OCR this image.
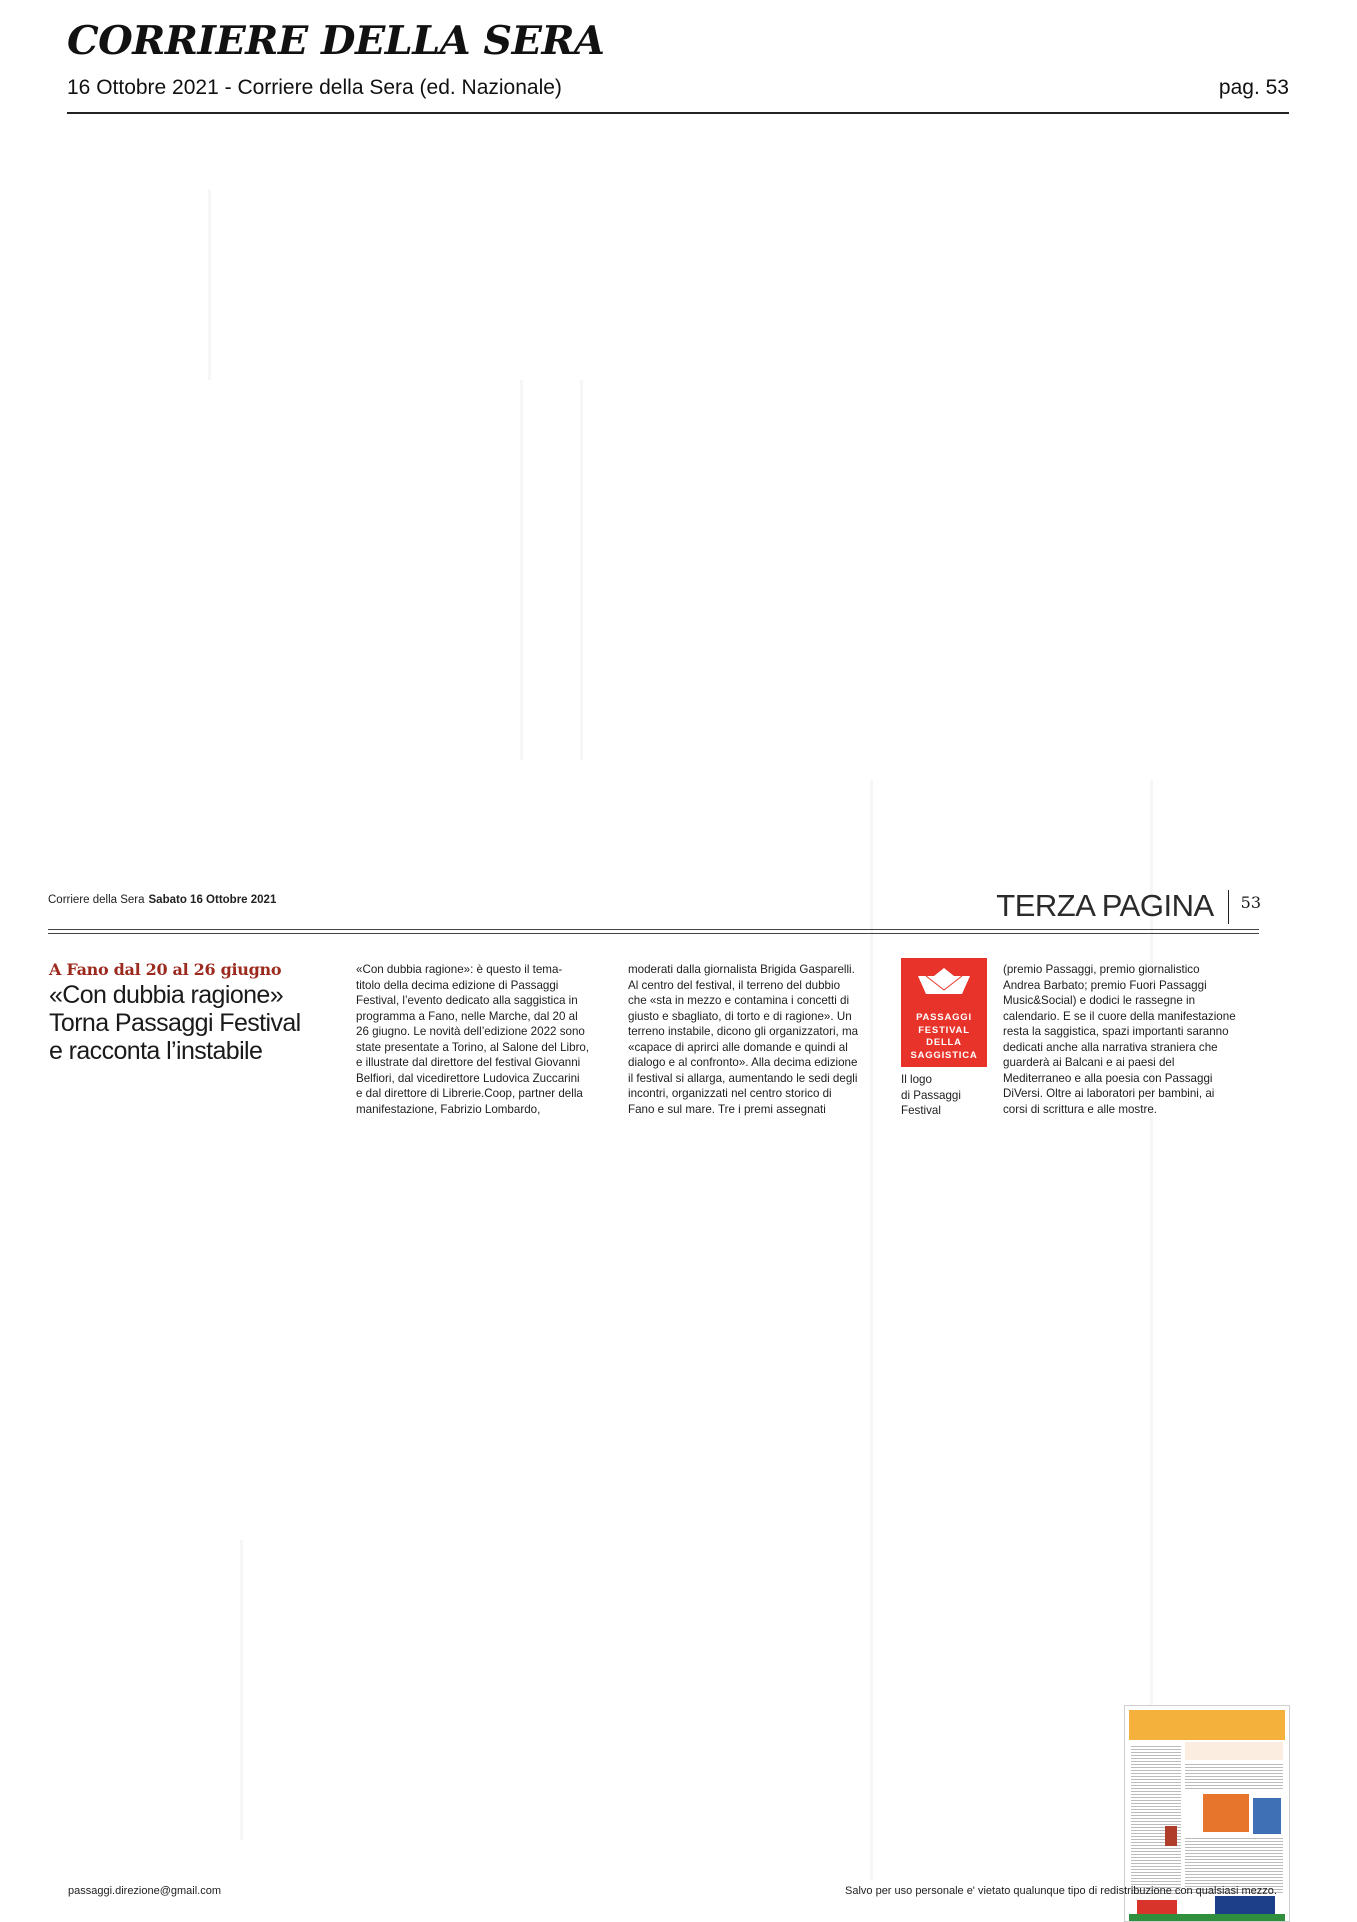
CORRIERE DELLA SERA
16 Ottobre 2021 - Corriere della Sera (ed. Nazionale)	pag. 53
Corriere della Sera Sabato 16 Ottobre 2021	TERZA PAGINA 53
A Fano dal 20 al 26 giugno
«Con dubbia ragione»
Torna Passaggi Festival
e racconta l’instabile
«Con dubbia ragione»: è questo il tema-
titolo della decima edizione di Passaggi
Festival, l’evento dedicato alla saggistica in
programma a Fano, nelle Marche, dal 20 al
26 giugno. Le novità dell’edizione 2022 sono
state presentate a Torino, al Salone del Libro,
e illustrate dal direttore del festival Giovanni
Belfiori, dal vicedirettore Ludovica Zuccarini
e dal direttore di Librerie.Coop, partner della
manifestazione, Fabrizio Lombardo,
moderati dalla giornalista Brigida Gasparelli.
Al centro del festival, il terreno del dubbio
che «sta in mezzo e contamina i concetti di
giusto e sbagliato, di torto e di ragione». Un
terreno instabile, dicono gli organizzatori, ma
«capace di aprirci alle domande e quindi al
dialogo e al confronto». Alla decima edizione
il festival si allarga, aumentando le sedi degli
incontri, organizzati nel centro storico di
Fano e sul mare. Tre i premi assegnati
PASSAGGI
FESTIVAL
DELLA
SAGGISTICA
Il logo
di Passaggi
Festival
(premio Passaggi, premio giornalistico
Andrea Barbato; premio Fuori Passaggi
Music&Social) e dodici le rassegne in
calendario. E se il cuore della manifestazione
resta la saggistica, spazi importanti saranno
dedicati anche alla narrativa straniera che
guarderà ai Balcani e ai paesi del
Mediterraneo e alla poesia con Passaggi
DiVersi. Oltre ai laboratori per bambini, ai
corsi di scrittura e alle mostre.
passaggi.direzione@gmail.com	Salvo per uso personale e' vietato qualunque tipo di redistribuzione con qualsiasi mezzo.
